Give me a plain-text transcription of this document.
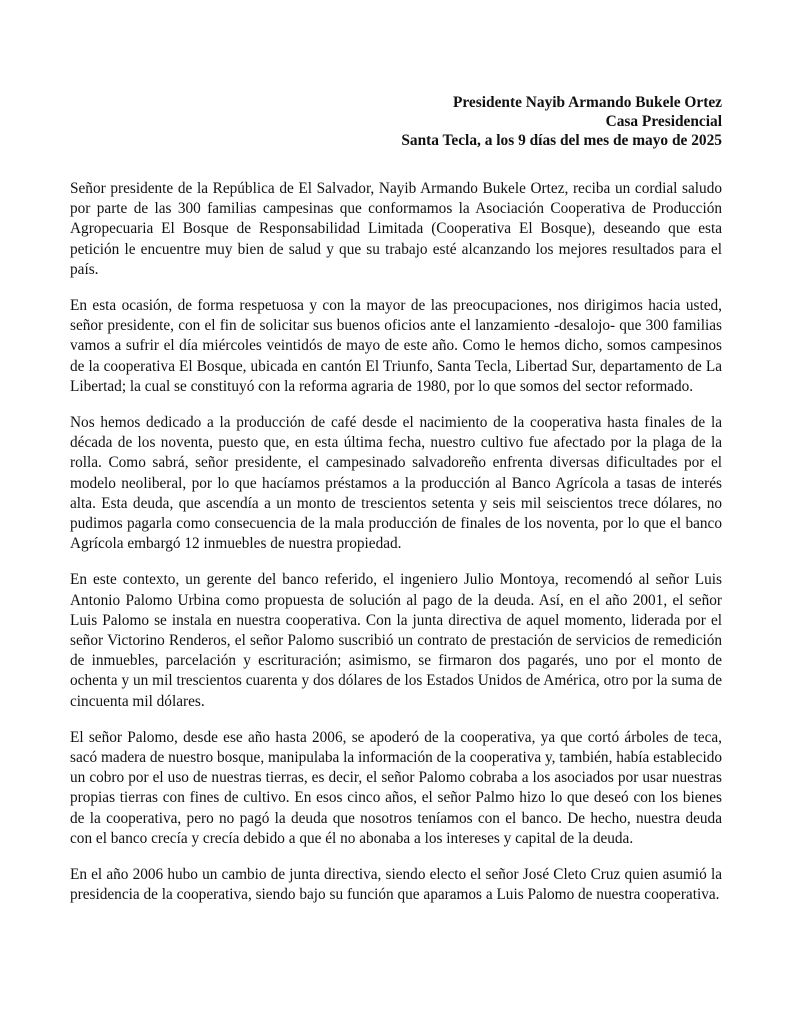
Presidente Nayib Armando Bukele Ortez
Casa Presidencial
Santa Tecla, a los 9 días del mes de mayo de 2025

Señor presidente de la República de El Salvador, Nayib Armando Bukele Ortez, reciba un cordial saludo por parte de las 300 familias campesinas que conformamos la Asociación Cooperativa de Producción Agropecuaria El Bosque de Responsabilidad Limitada (Cooperativa El Bosque), deseando que esta petición le encuentre muy bien de salud y que su trabajo esté alcanzando los mejores resultados para el país.

En esta ocasión, de forma respetuosa y con la mayor de las preocupaciones, nos dirigimos hacia usted, señor presidente, con el fin de solicitar sus buenos oficios ante el lanzamiento -desalojo- que 300 familias vamos a sufrir el día miércoles veintidós de mayo de este año. Como le hemos dicho, somos campesinos de la cooperativa El Bosque, ubicada en cantón El Triunfo, Santa Tecla, Libertad Sur, departamento de La Libertad; la cual se constituyó con la reforma agraria de 1980, por lo que somos del sector reformado.

Nos hemos dedicado a la producción de café desde el nacimiento de la cooperativa hasta finales de la década de los noventa, puesto que, en esta última fecha, nuestro cultivo fue afectado por la plaga de la rolla. Como sabrá, señor presidente, el campesinado salvadoreño enfrenta diversas dificultades por el modelo neoliberal, por lo que hacíamos préstamos a la producción al Banco Agrícola a tasas de interés alta. Esta deuda, que ascendía a un monto de trescientos setenta y seis mil seiscientos trece dólares, no pudimos pagarla como consecuencia de la mala producción de finales de los noventa, por lo que el banco Agrícola embargó 12 inmuebles de nuestra propiedad.

En este contexto, un gerente del banco referido, el ingeniero Julio Montoya, recomendó al señor Luis Antonio Palomo Urbina como propuesta de solución al pago de la deuda. Así, en el año 2001, el señor Luis Palomo se instala en nuestra cooperativa. Con la junta directiva de aquel momento, liderada por el señor Victorino Renderos, el señor Palomo suscribió un contrato de prestación de servicios de remedición de inmuebles, parcelación y escrituración; asimismo, se firmaron dos pagarés, uno por el monto de ochenta y un mil trescientos cuarenta y dos dólares de los Estados Unidos de América, otro por la suma de cincuenta mil dólares.

El señor Palomo, desde ese año hasta 2006, se apoderó de la cooperativa, ya que cortó árboles de teca, sacó madera de nuestro bosque, manipulaba la información de la cooperativa y, también, había establecido un cobro por el uso de nuestras tierras, es decir, el señor Palomo cobraba a los asociados por usar nuestras propias tierras con fines de cultivo. En esos cinco años, el señor Palmo hizo lo que deseó con los bienes de la cooperativa, pero no pagó la deuda que nosotros teníamos con el banco. De hecho, nuestra deuda con el banco crecía y crecía debido a que él no abonaba a los intereses y capital de la deuda.

En el año 2006 hubo un cambio de junta directiva, siendo electo el señor José Cleto Cruz quien asumió la presidencia de la cooperativa, siendo bajo su función que aparamos a Luis Palomo de nuestra cooperativa.
